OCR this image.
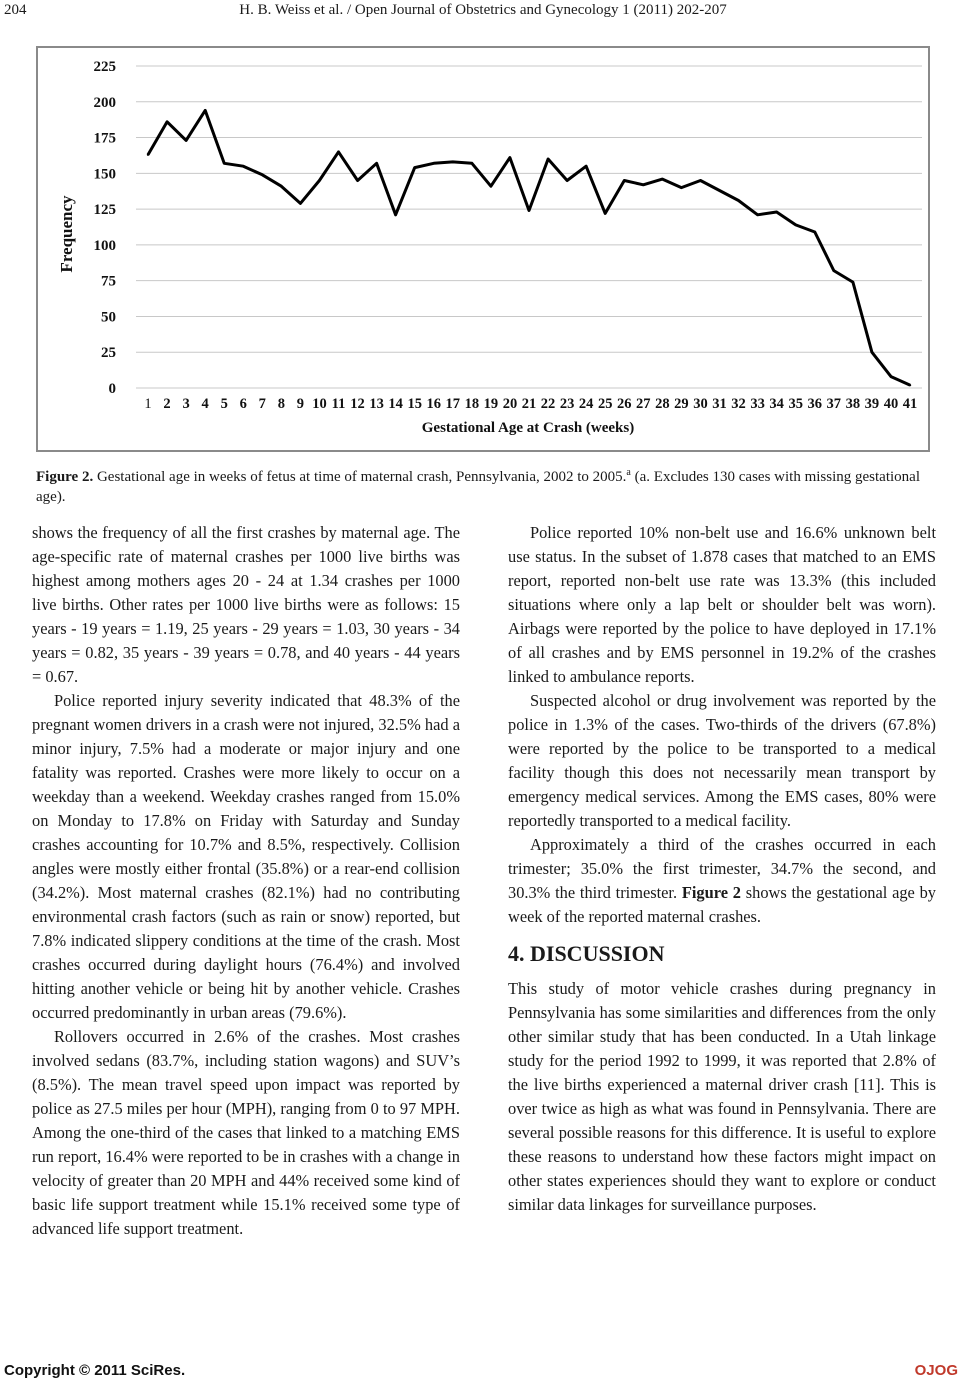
204	H. B. Weiss et al. / Open Journal of Obstetrics and Gynecology 1 (2011) 202-207
0
25
50
75
100
125
150
175
200
225
1 2 3 4 5 6 7 8 9 10 11 12 13 14 15 16 17 18 19 20 21 22 23 24 25 26 27 28 29 30 31 32 33 34 35 36 37 38 39 40 41
Gestational Age at Crash (weeks)
Frequency
Figure 2. Gestational age in weeks of fetus at time of maternal crash, Pennsylvania, 2002 to 2005.$^a$ (a. Excludes 130 cases with missing gestational age).

shows the frequency of all the first crashes by maternal age. The age-specific rate of maternal crashes per 1000 live births was highest among mothers ages 20 - 24 at 1.34 crashes per 1000 live births. Other rates per 1000 live births were as follows: 15 years - 19 years = 1.19, 25 years - 29 years = 1.03, 30 years - 34 years = 0.82, 35 years - 39 years = 0.78, and 40 years - 44 years = 0.67.

Police reported injury severity indicated that 48.3% of the pregnant women drivers in a crash were not injured, 32.5% had a minor injury, 7.5% had a moderate or major injury and one fatality was reported. Crashes were more likely to occur on a weekday than a weekend. Weekday crashes ranged from 15.0% on Monday to 17.8% on Friday with Saturday and Sunday crashes accounting for 10.7% and 8.5%, respectively. Collision angles were mostly either frontal (35.8%) or a rear-end collision (34.2%). Most maternal crashes (82.1%) had no contributing environmental crash factors (such as rain or snow) reported, but 7.8% indicated slippery conditions at the time of the crash. Most crashes occurred during daylight hours (76.4%) and involved hitting another vehicle or being hit by another vehicle. Crashes occurred predominantly in urban areas (79.6%).

Rollovers occurred in 2.6% of the crashes. Most crashes involved sedans (83.7%, including station wagons) and SUV’s (8.5%). The mean travel speed upon impact was reported by police as 27.5 miles per hour (MPH), ranging from 0 to 97 MPH. Among the one-third of the cases that linked to a matching EMS run report, 16.4% were reported to be in crashes with a change in velocity of greater than 20 MPH and 44% received some kind of basic life support treatment while 15.1% received some type of advanced life support treatment.

Police reported 10% non-belt use and 16.6% unknown belt use status. In the subset of 1.878 cases that matched to an EMS report, reported non-belt use rate was 13.3% (this included situations where only a lap belt or shoulder belt was worn). Airbags were reported by the police to have deployed in 17.1% of all crashes and by EMS personnel in 19.2% of the crashes linked to ambulance reports.

Suspected alcohol or drug involvement was reported by the police in 1.3% of the cases. Two-thirds of the drivers (67.8%) were reported by the police to be transported to a medical facility though this does not necessarily mean transport by emergency medical services. Among the EMS cases, 80% were reportedly transported to a medical facility.

Approximately a third of the crashes occurred in each trimester; 35.0% the first trimester, 34.7% the second, and 30.3% the third trimester. Figure 2 shows the gestational age by week of the reported maternal crashes.

4. DISCUSSION

This study of motor vehicle crashes during pregnancy in Pennsylvania has some similarities and differences from the only other similar study that has been conducted. In a Utah linkage study for the period 1992 to 1999, it was reported that 2.8% of the live births experienced a maternal driver crash [11]. This is over twice as high as what was found in Pennsylvania. There are several possible reasons for this difference. It is useful to explore these reasons to understand how these factors might impact on other states experiences should they want to explore or conduct similar data linkages for surveillance purposes.

Copyright © 2011 SciRes.	OJOG
